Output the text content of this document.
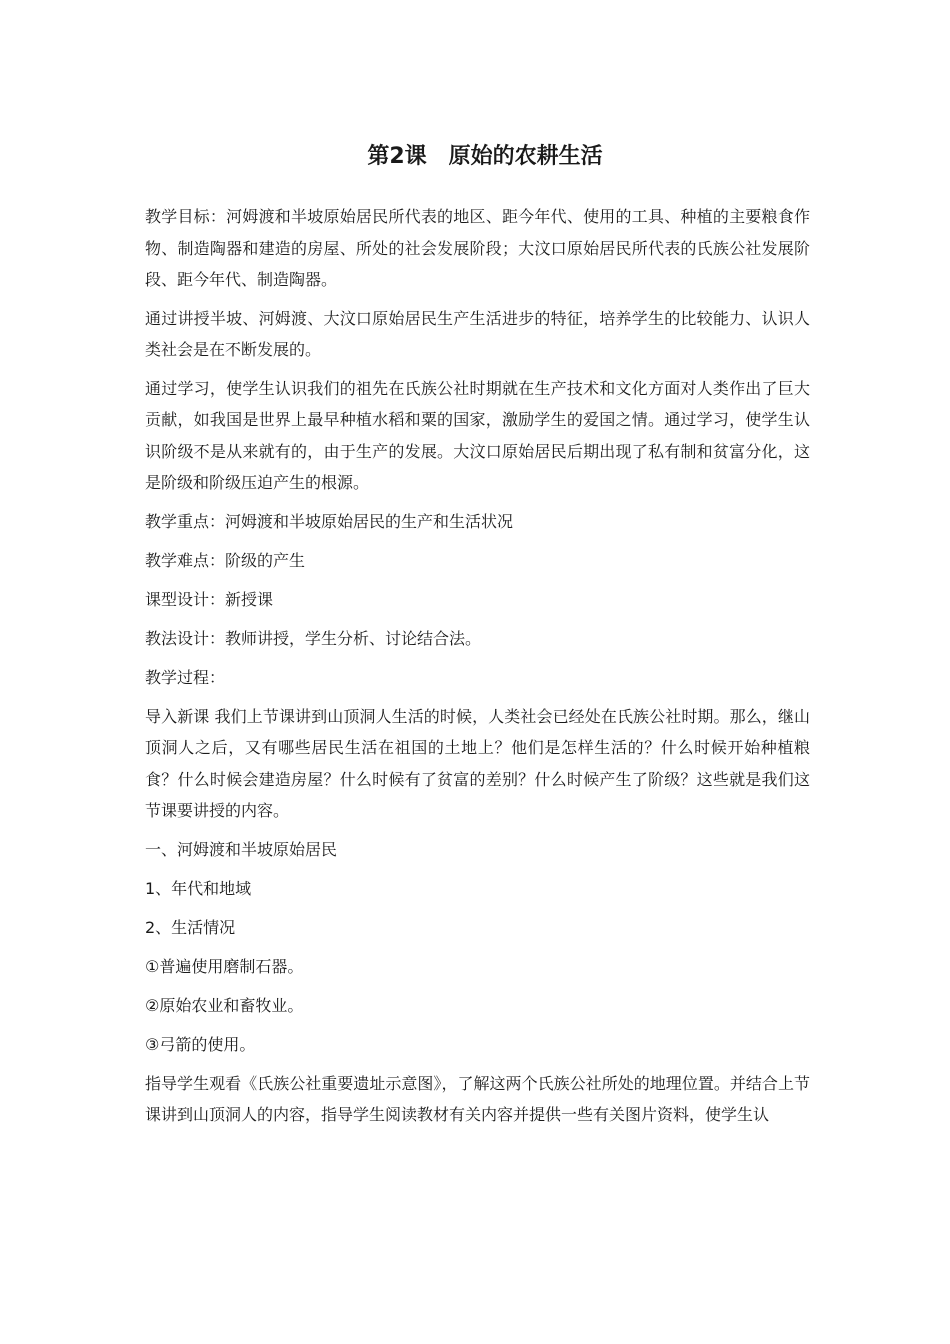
第2课　原始的农耕生活

教学目标：河姆渡和半坡原始居民所代表的地区、距今年代、使用的工具、种植的主要粮食作物、制造陶器和建造的房屋、所处的社会发展阶段；大汶口原始居民所代表的氏族公社发展阶段、距今年代、制造陶器。

通过讲授半坡、河姆渡、大汶口原始居民生产生活进步的特征，培养学生的比较能力、认识人类社会是在不断发展的。

通过学习，使学生认识我们的祖先在氏族公社时期就在生产技术和文化方面对人类作出了巨大贡献，如我国是世界上最早种植水稻和粟的国家，激励学生的爱国之情。通过学习，使学生认识阶级不是从来就有的，由于生产的发展。大汶口原始居民后期出现了私有制和贫富分化，这是阶级和阶级压迫产生的根源。

教学重点：河姆渡和半坡原始居民的生产和生活状况

教学难点：阶级的产生

课型设计：新授课

教法设计：教师讲授，学生分析、讨论结合法。

教学过程：

导入新课 我们上节课讲到山顶洞人生活的时候，人类社会已经处在氏族公社时期。那么，继山顶洞人之后，又有哪些居民生活在祖国的土地上？他们是怎样生活的？什么时候开始种植粮食？什么时候会建造房屋？什么时候有了贫富的差别？什么时候产生了阶级？这些就是我们这节课要讲授的内容。

一、河姆渡和半坡原始居民

1、年代和地域

2、生活情况

①普遍使用磨制石器。

②原始农业和畜牧业。

③弓箭的使用。

指导学生观看《氏族公社重要遗址示意图》，了解这两个氏族公社所处的地理位置。并结合上节课讲到山顶洞人的内容，指导学生阅读教材有关内容并提供一些有关图片资料，使学生认
